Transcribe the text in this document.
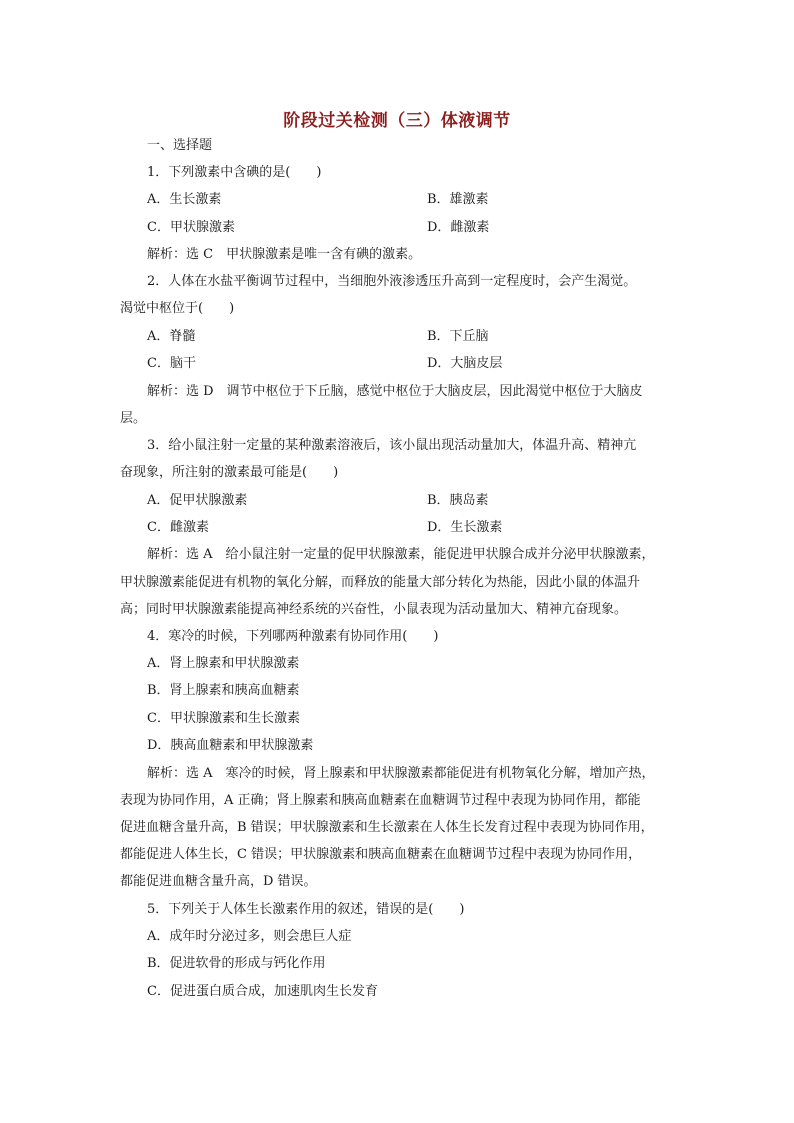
阶段过关检测（三）体液调节
一、选择题
1．下列激素中含碘的是(　　)
A．生长激素	B．雄激素
C．甲状腺激素	D．雌激素
解析：选 C　甲状腺激素是唯一含有碘的激素。
2．人体在水盐平衡调节过程中，当细胞外液渗透压升高到一定程度时，会产生渴觉。
渴觉中枢位于(　　)
A．脊髓	B．下丘脑
C．脑干	D．大脑皮层
解析：选 D　调节中枢位于下丘脑，感觉中枢位于大脑皮层，因此渴觉中枢位于大脑皮
层。
3．给小鼠注射一定量的某种激素溶液后，该小鼠出现活动量加大，体温升高、精神亢
奋现象，所注射的激素最可能是(　　)
A．促甲状腺激素	B．胰岛素
C．雌激素	D．生长激素
解析：选 A　给小鼠注射一定量的促甲状腺激素，能促进甲状腺合成并分泌甲状腺激素，
甲状腺激素能促进有机物的氧化分解，而释放的能量大部分转化为热能，因此小鼠的体温升
高；同时甲状腺激素能提高神经系统的兴奋性，小鼠表现为活动量加大、精神亢奋现象。
4．寒冷的时候，下列哪两种激素有协同作用(　　)
A．肾上腺素和甲状腺激素
B．肾上腺素和胰高血糖素
C．甲状腺激素和生长激素
D．胰高血糖素和甲状腺激素
解析：选 A　寒冷的时候，肾上腺素和甲状腺激素都能促进有机物氧化分解，增加产热，
表现为协同作用，A 正确；肾上腺素和胰高血糖素在血糖调节过程中表现为协同作用，都能
促进血糖含量升高，B 错误；甲状腺激素和生长激素在人体生长发育过程中表现为协同作用，
都能促进人体生长，C 错误；甲状腺激素和胰高血糖素在血糖调节过程中表现为协同作用，
都能促进血糖含量升高，D 错误。
5．下列关于人体生长激素作用的叙述，错误的是(　　)
A．成年时分泌过多，则会患巨人症
B．促进软骨的形成与钙化作用
C．促进蛋白质合成，加速肌肉生长发育
